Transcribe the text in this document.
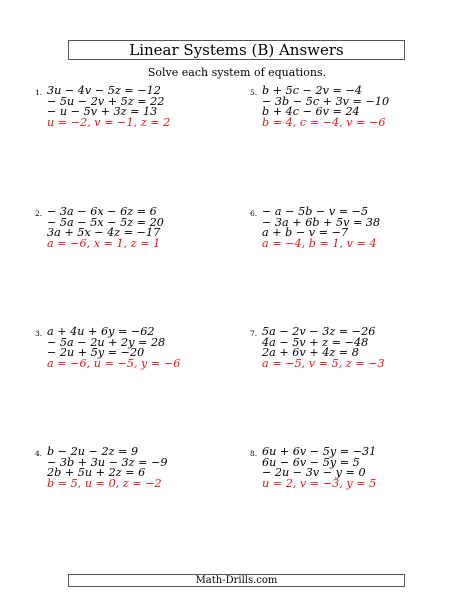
Linear Systems (B) Answers
Solve each system of equations.
1. 3u − 4v − 5z = −12
− 5u − 2v + 5z = 22
− u − 5v + 3z = 13
u = −2, v = −1, z = 2
2. − 3a − 6x − 6z = 6
− 5a − 5x − 5z = 20
3a + 5x − 4z = −17
a = −6, x = 1, z = 1
3. a + 4u + 6y = −62
− 5a − 2u + 2y = 28
− 2u + 5y = −20
a = −6, u = −5, y = −6
4. b − 2u − 2z = 9
− 3b + 3u − 3z = −9
2b + 5u + 2z = 6
b = 5, u = 0, z = −2
5. b + 5c − 2v = −4
− 3b − 5c + 3v = −10
b + 4c − 6v = 24
b = 4, c = −4, v = −6
6. − a − 5b − v = −5
− 3a + 6b + 5v = 38
a + b − v = −7
a = −4, b = 1, v = 4
7. 5a − 2v − 3z = −26
4a − 5v + z = −48
2a + 6v + 4z = 8
a = −5, v = 5, z = −3
8. 6u + 6v − 5y = −31
6u − 6v − 5y = 5
− 2u − 3v − y = 0
u = 2, v = −3, y = 5
Math-Drills.com
